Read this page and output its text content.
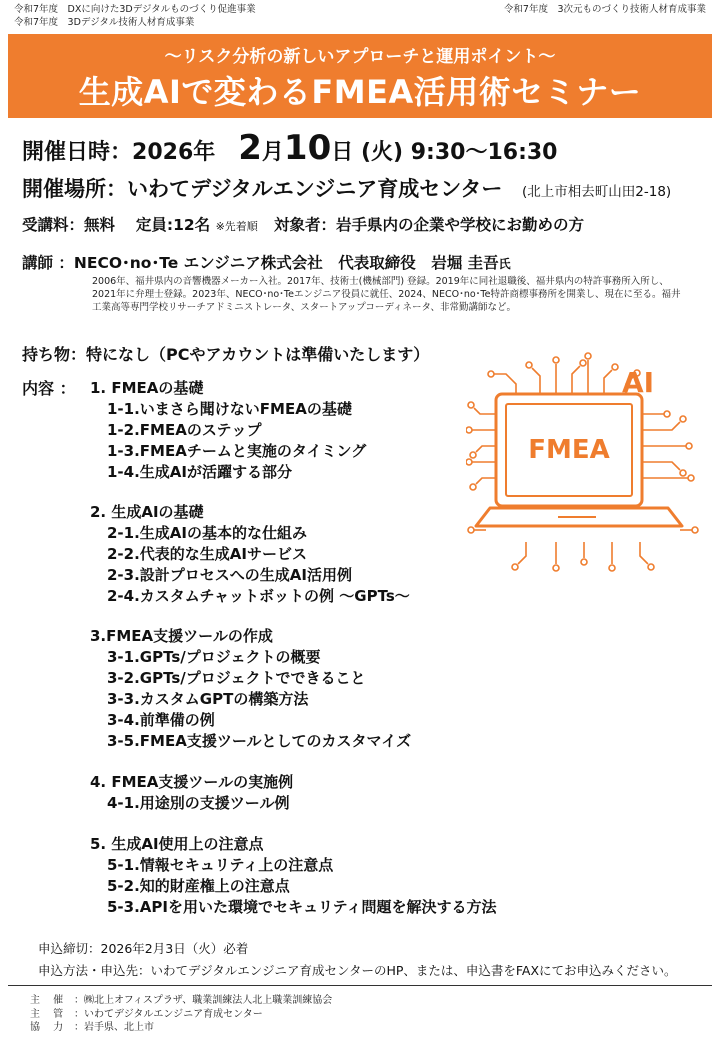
令和7年度　DXに向けた3Dデジタルものづくり促進事業
令和7年度　3Dデジタル技術人材育成事業
令和7年度　3次元ものづくり技術人材育成事業
〜リスク分析の新しいアプローチと運用ポイント〜
生成AIで変わるFMEA活用術セミナー
開催日時：2026年 2月10日 (火) 9:30〜16:30
開催場所：いわてデジタルエンジニア育成センター (北上市相去町山田2-18)
受講料：無料　 定員:12名 ※先着順 対象者：岩手県内の企業や学校にお勤めの方
講師 ：NECO･no･Te エンジニア株式会社　代表取締役　岩堀 圭吾氏
2006年、福井県内の音響機器メーカー入社。2017年、技術士(機械部門) 登録。2019年に同社退職後、福井県内の特許事務所入所し、2021年に弁理士登録。2023年、NECO･no･Teエンジニア役員に就任、2024、NECO･no･Te特許商標事務所を開業し、現在に至る。福井工業高等専門学校リサーチアドミニストレータ、スタートアップコーディネータ、非常勤講師など。
持ち物：特になし（PCやアカウントは準備いたします）
内容 ： 1. FMEAの基礎
1-1.いまさら聞けないFMEAの基礎
1-2.FMEAのステップ
1-3.FMEAチームと実施のタイミング
1-4.生成AIが活躍する部分
2. 生成AIの基礎
2-1.生成AIの基本的な仕組み
2-2.代表的な生成AIサービス
2-3.設計プロセスへの生成AI活用例
2-4.カスタムチャットボットの例 〜GPTs〜
3.FMEA支援ツールの作成
3-1.GPTs/プロジェクトの概要
3-2.GPTs/プロジェクトでできること
3-3.カスタムGPTの構築方法
3-4.前準備の例
3-5.FMEA支援ツールとしてのカスタマイズ
4. FMEA支援ツールの実施例
4-1.用途別の支援ツール例
5. 生成AI使用上の注意点
5-1.情報セキュリティ上の注意点
5-2.知的財産権上の注意点
5-3.APIを用いた環境でセキュリティ問題を解決する方法
FMEA
AI
申込締切：2026年2月3日（火）必着
申込方法・申込先：いわてデジタルエンジニア育成センターのHP、または、申込書をFAXにてお申込みください。
主　 催 ：㈱北上オフィスプラザ、職業訓練法人北上職業訓練協会
主　 管 ：いわてデジタルエンジニア育成センター
協　 力 ：岩手県、北上市
